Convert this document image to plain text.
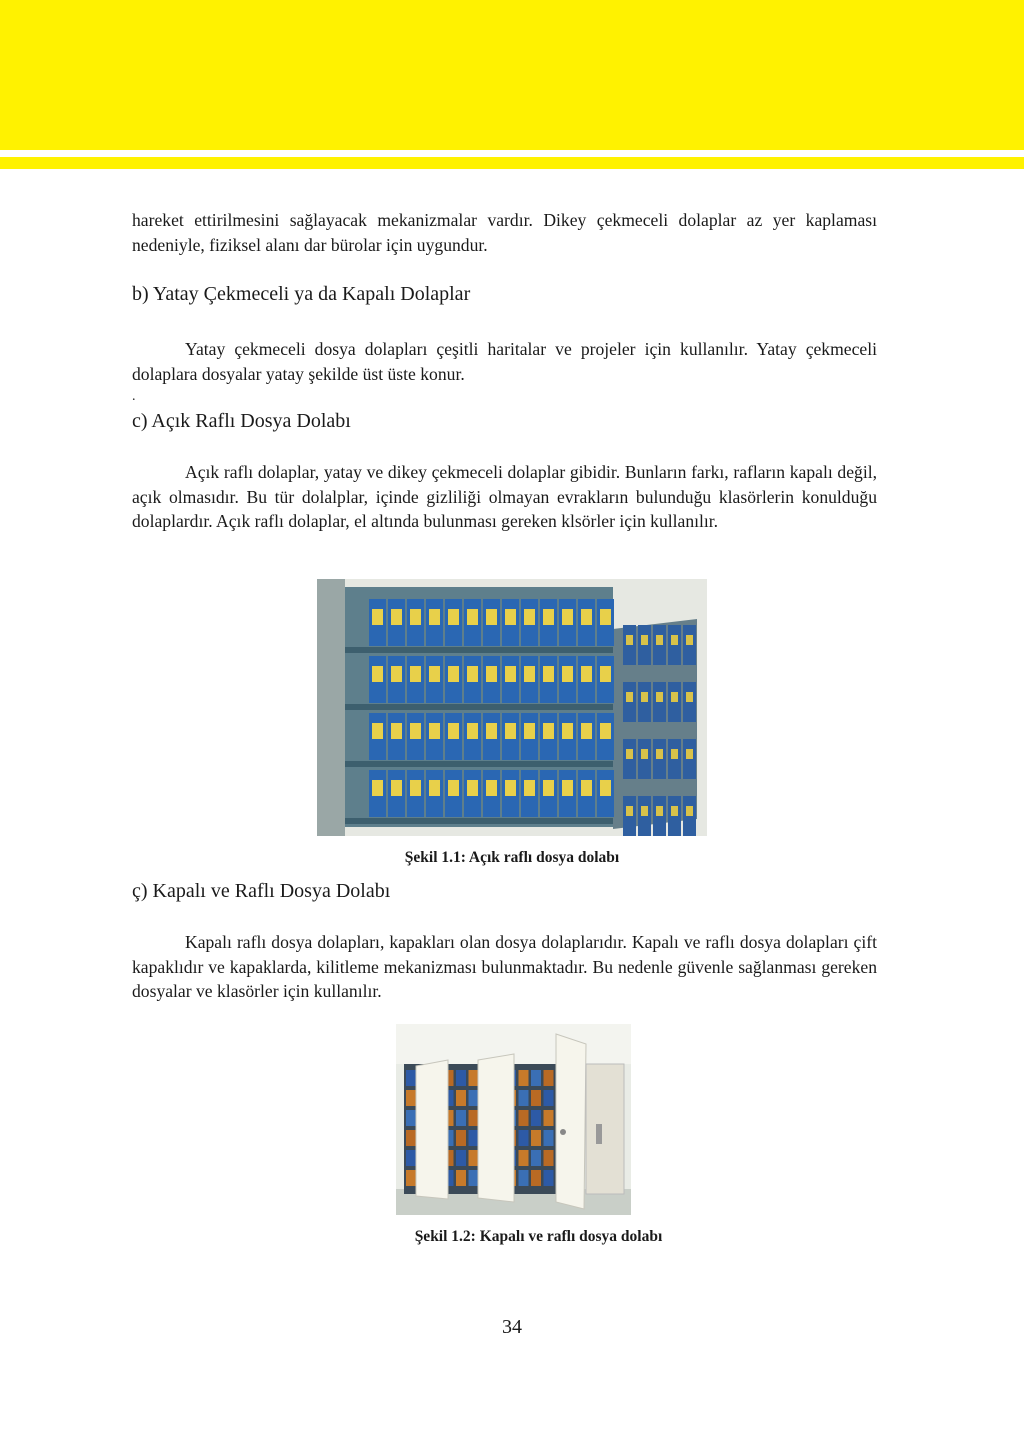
hareket ettirilmesini sağlayacak mekanizmalar vardır. Dikey çekmeceli dolaplar az yer kaplaması nedeniyle, fiziksel alanı dar bürolar için uygundur.

b) Yatay Çekmeceli ya da Kapalı Dolaplar

Yatay çekmeceli dosya dolapları çeşitli haritalar ve projeler için kullanılır. Yatay çekmeceli dolaplara dosyalar yatay şekilde üst üste konur.

.
c) Açık Raflı Dosya Dolabı

Açık raflı dolaplar, yatay ve dikey çekmeceli dolaplar gibidir. Bunların farkı, rafların kapalı değil, açık olmasıdır. Bu tür dolalplar, içinde gizliliği olmayan evrakların bulunduğu klasörlerin konulduğu dolaplardır. Açık raflı dolaplar, el altında bulunması gereken klsörler için kullanılır.

Şekil 1.1: Açık raflı dosya dolabı

ç) Kapalı ve Raflı Dosya Dolabı

Kapalı raflı dosya dolapları, kapakları olan dosya dolaplarıdır. Kapalı ve raflı dosya dolapları çift kapaklıdır ve kapaklarda, kilitleme mekanizması bulunmaktadır. Bu nedenle güvenle sağlanması gereken dosyalar ve klasörler için kullanılır.

Şekil 1.2: Kapalı ve raflı dosya dolabı

34
